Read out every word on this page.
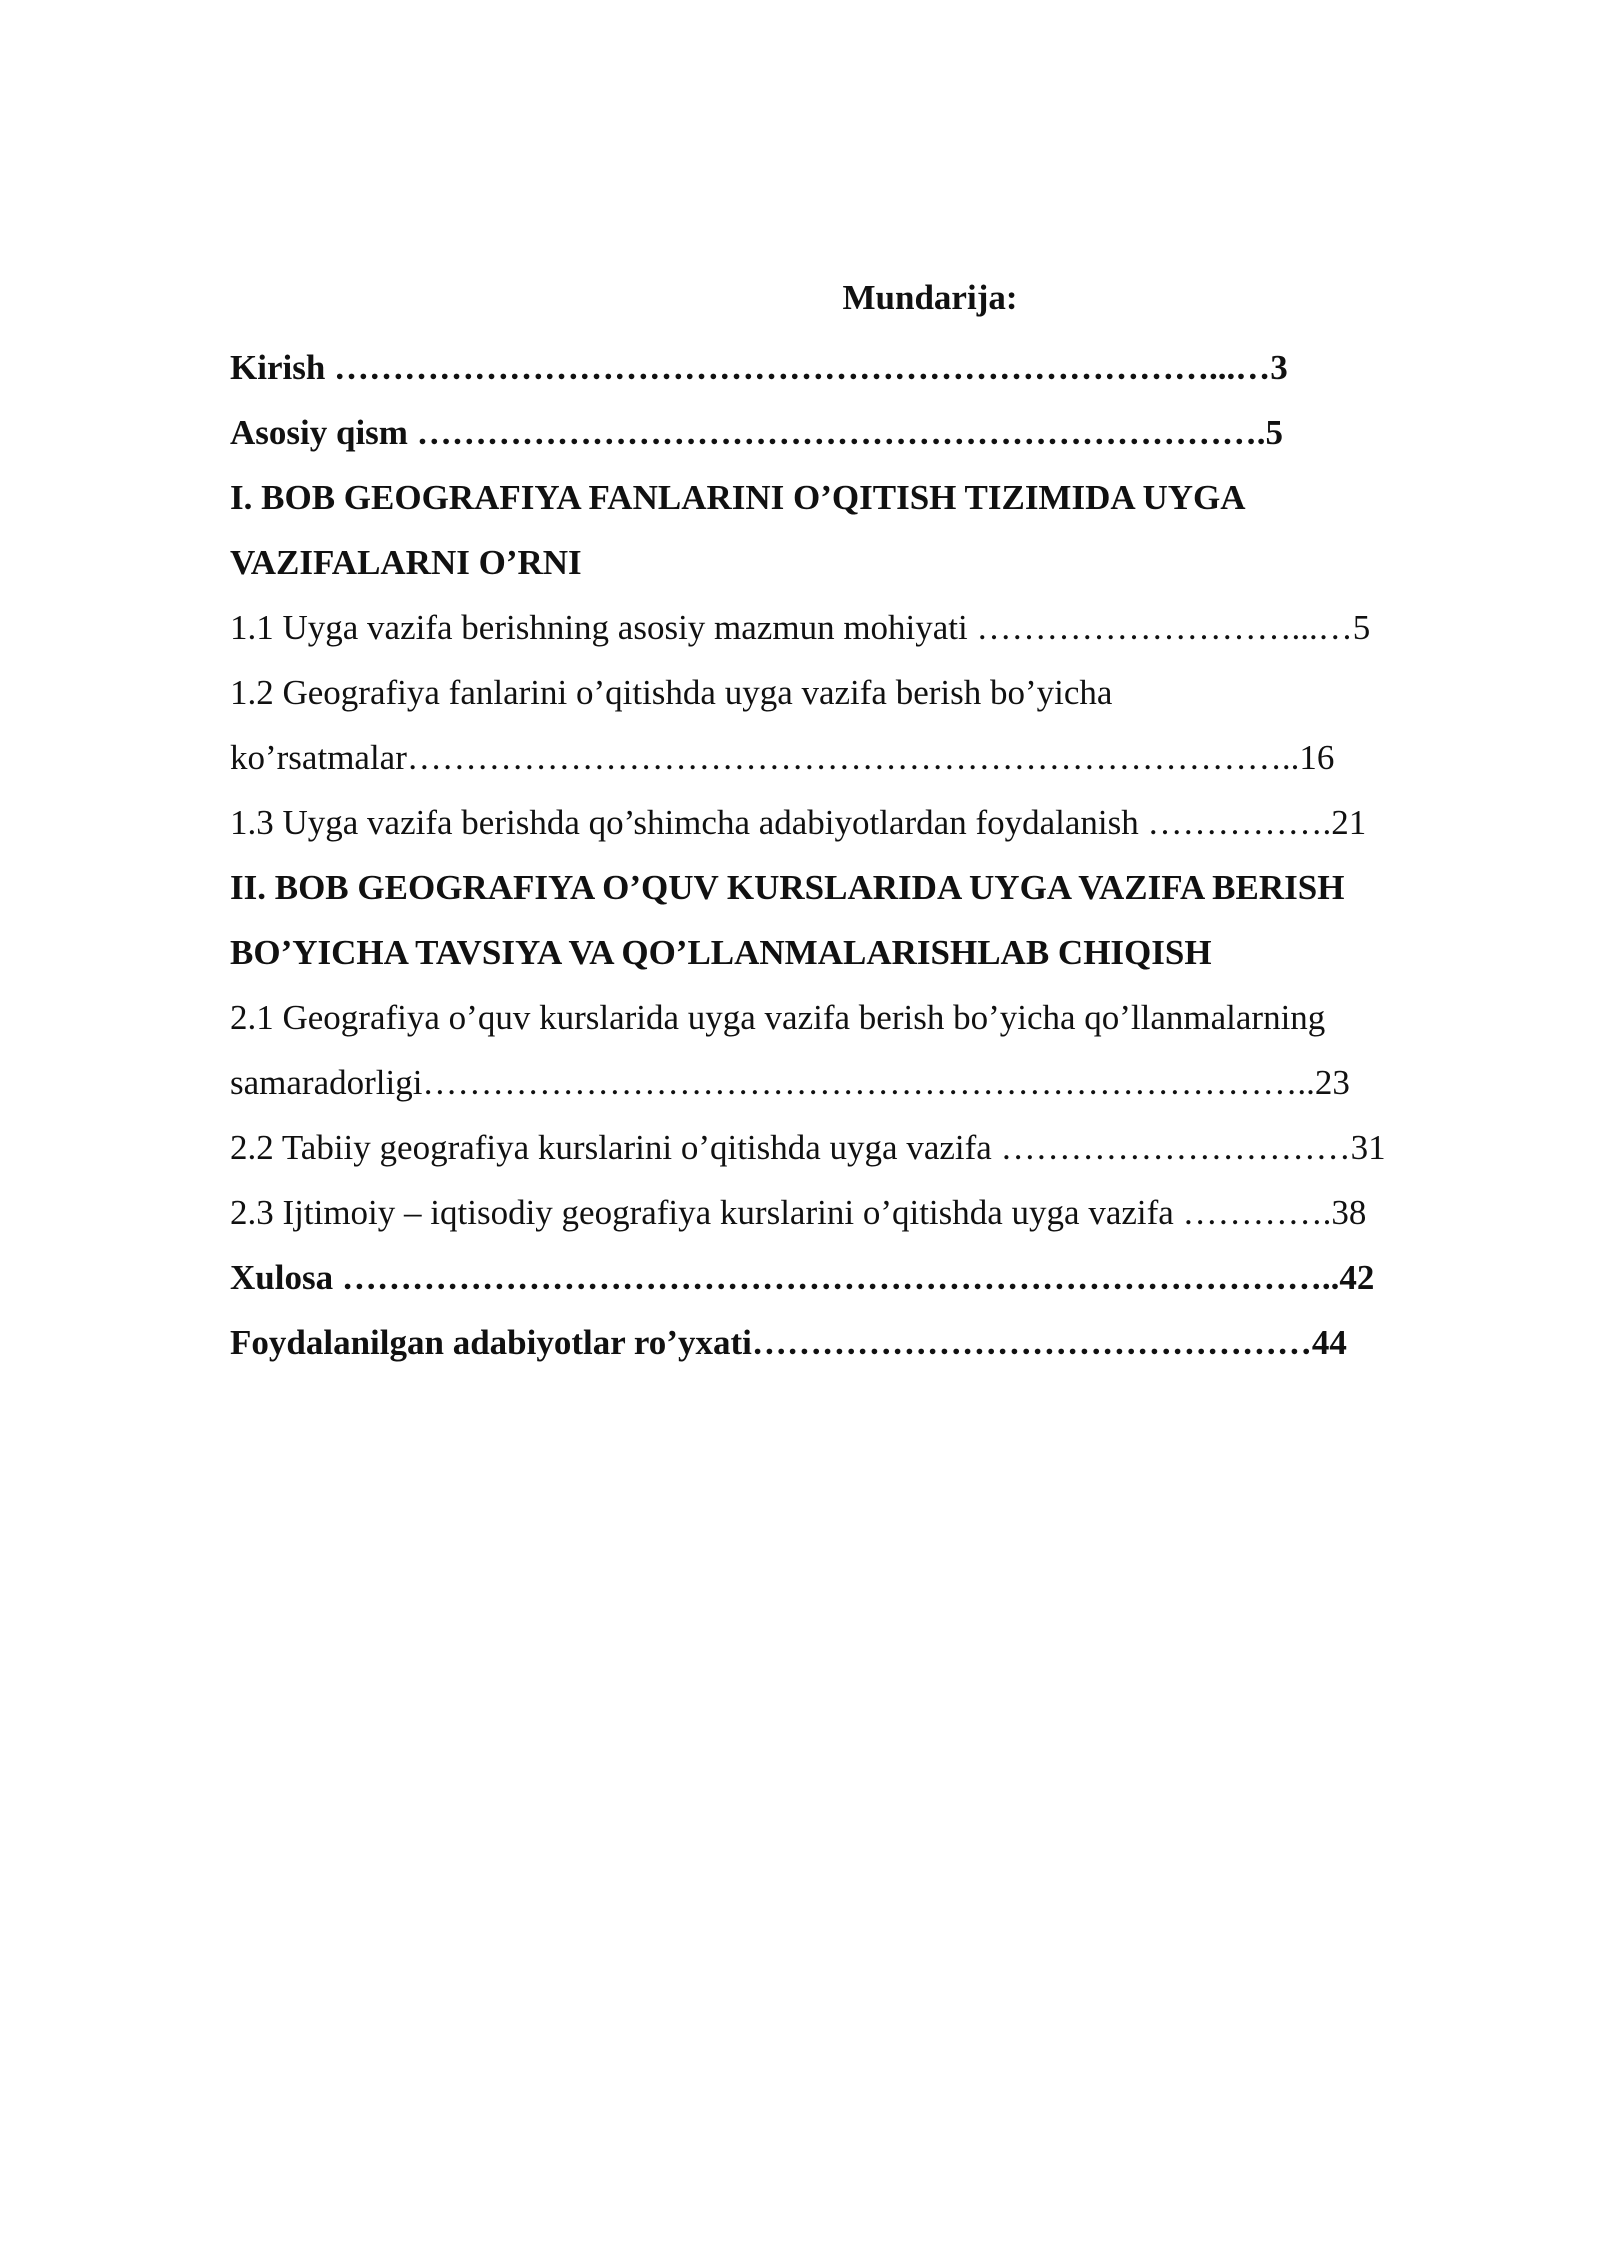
Mundarija:
Kirish …………………………………………………………………...…3
Asosiy qism ……………………………………………………………….5
I. BOB GEOGRAFIYA FANLARINI O’QITISH TIZIMIDA UYGA
VAZIFALARNI O’RNI
1.1 Uyga vazifa berishning asosiy mazmun mohiyati ………………………...…5
1.2 Geografiya fanlarini o’qitishda uyga vazifa berish bo’yicha
ko’rsatmalar…………………………………………………………………..16
1.3 Uyga vazifa berishda qo’shimcha adabiyotlardan foydalanish …………….21
II. BOB GEOGRAFIYA O’QUV KURSLARIDA UYGA VAZIFA BERISH
BO’YICHA TAVSIYA VA QO’LLANMALARISHLAB CHIQISH
2.1 Geografiya o’quv kurslarida uyga vazifa berish bo’yicha qo’llanmalarning
samaradorligi…………………………………………………………………..23
2.2 Tabiiy geografiya kurslarini o’qitishda uyga vazifa …………………………31
2.3 Ijtimoiy – iqtisodiy geografiya kurslarini o’qitishda uyga vazifa ………….38
Xulosa …………………………………………………………………………..42
Foydalanilgan adabiyotlar ro’yxati…………………………………………44
